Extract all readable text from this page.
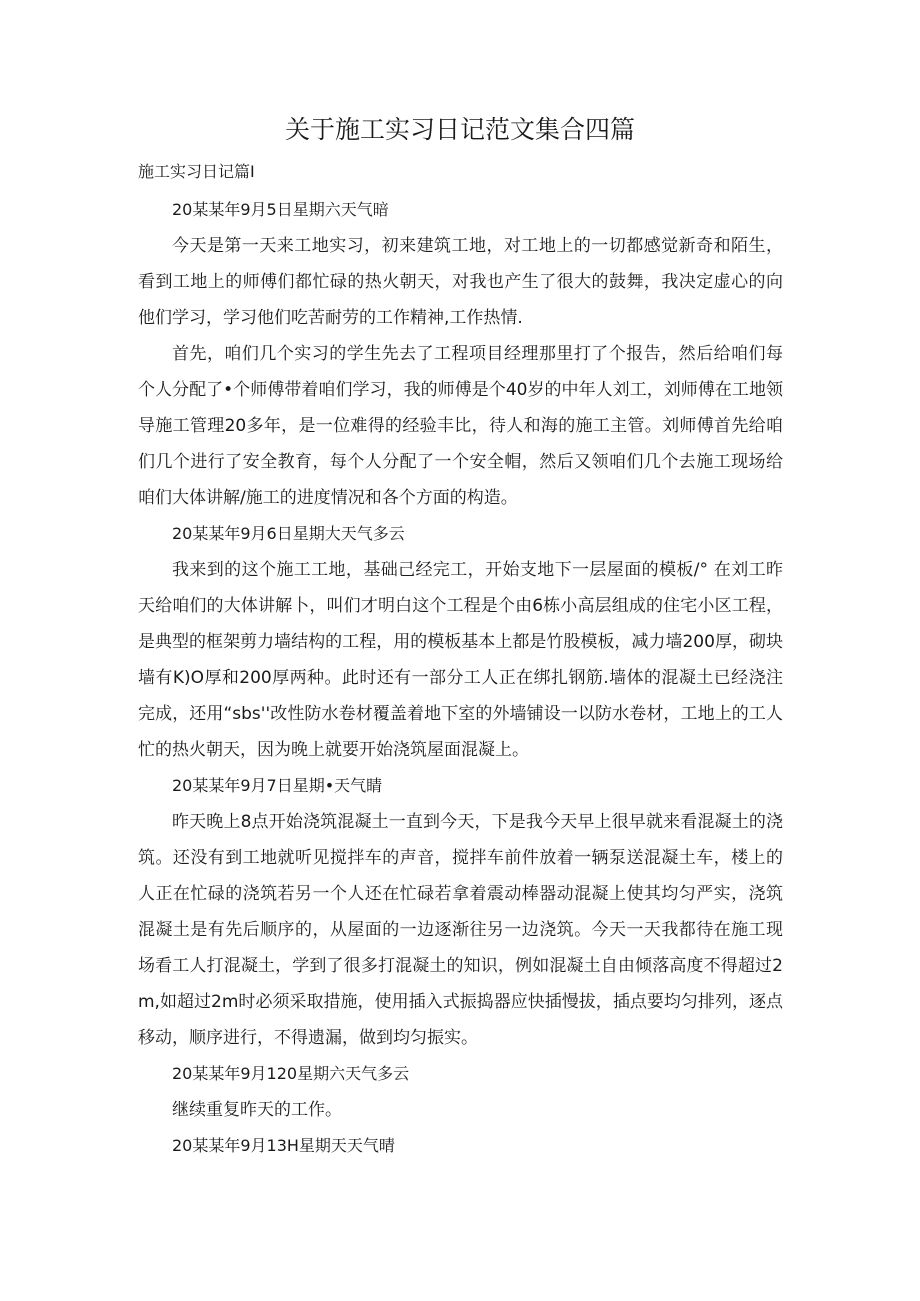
关于施工实习日记范文集合四篇
施工实习日记篇I

20某某年9月5日星期六天气暗

今天是第一天来工地实习，初来建筑工地，对工地上的一切都感觉新奇和陌生，看到工地上的师傅们都忙碌的热火朝天，对我也产生了很大的鼓舞，我决定虚心的向他们学习，学习他们吃苦耐劳的工作精神,工作热情.

首先，咱们几个实习的学生先去了工程项目经理那里打了个报告，然后给咱们每个人分配了•个师傅带着咱们学习，我的师傅是个40岁的中年人刘工，刘师傅在工地领导施工管理20多年，是一位难得的经验丰比，待人和海的施工主管。刘师傅首先给咱们几个进行了安全教育，每个人分配了一个安全帽，然后又领咱们几个去施工现场给咱们大体讲解/施工的进度情况和各个方面的构造。

20某某年9月6日星期大天气多云

我来到的这个施工工地，基础己经完工，开始支地下一层屋面的模板/° 在刘工昨天给咱们的大体讲解卜，叫们才明白这个工程是个由6栋小高层组成的住宅小区工程，是典型的框架剪力墙结构的工程，用的模板基本上都是竹股模板，减力墙200厚，砌块墙有K)O厚和200厚两种。此时还有一部分工人正在绑扎钢筋.墙体的混凝土已经浇注完成，还用“sbs''改性防水卷材覆盖着地下室的外墙铺设一以防水卷材，工地上的工人忙的热火朝天，因为晚上就要开始浇筑屋面混凝上。

20某某年9月7日星期•天气睛

昨天晚上8点开始浇筑混凝土一直到今天，下是我今天早上很早就来看混凝土的浇筑。还没有到工地就听见搅拌车的声音，搅拌车前件放着一辆泵送混凝土车，楼上的人正在忙碌的浇筑若另一个人还在忙碌若拿着震动棒器动混凝上使其均匀严实，浇筑混凝土是有先后顺序的，从屋面的一边逐渐往另一边浇筑。今天一天我都待在施工现场看工人打混凝土，学到了很多打混凝土的知识，例如混凝土自由倾落高度不得超过2m,如超过2m时必须采取措施，使用插入式振捣器应快插慢拔，插点要均匀排列，逐点移动，顺序进行，不得遗漏，做到均匀振实。

20某某年9月120星期六天气多云

继续重复昨天的工作。

20某某年9月13H星期天天气晴
